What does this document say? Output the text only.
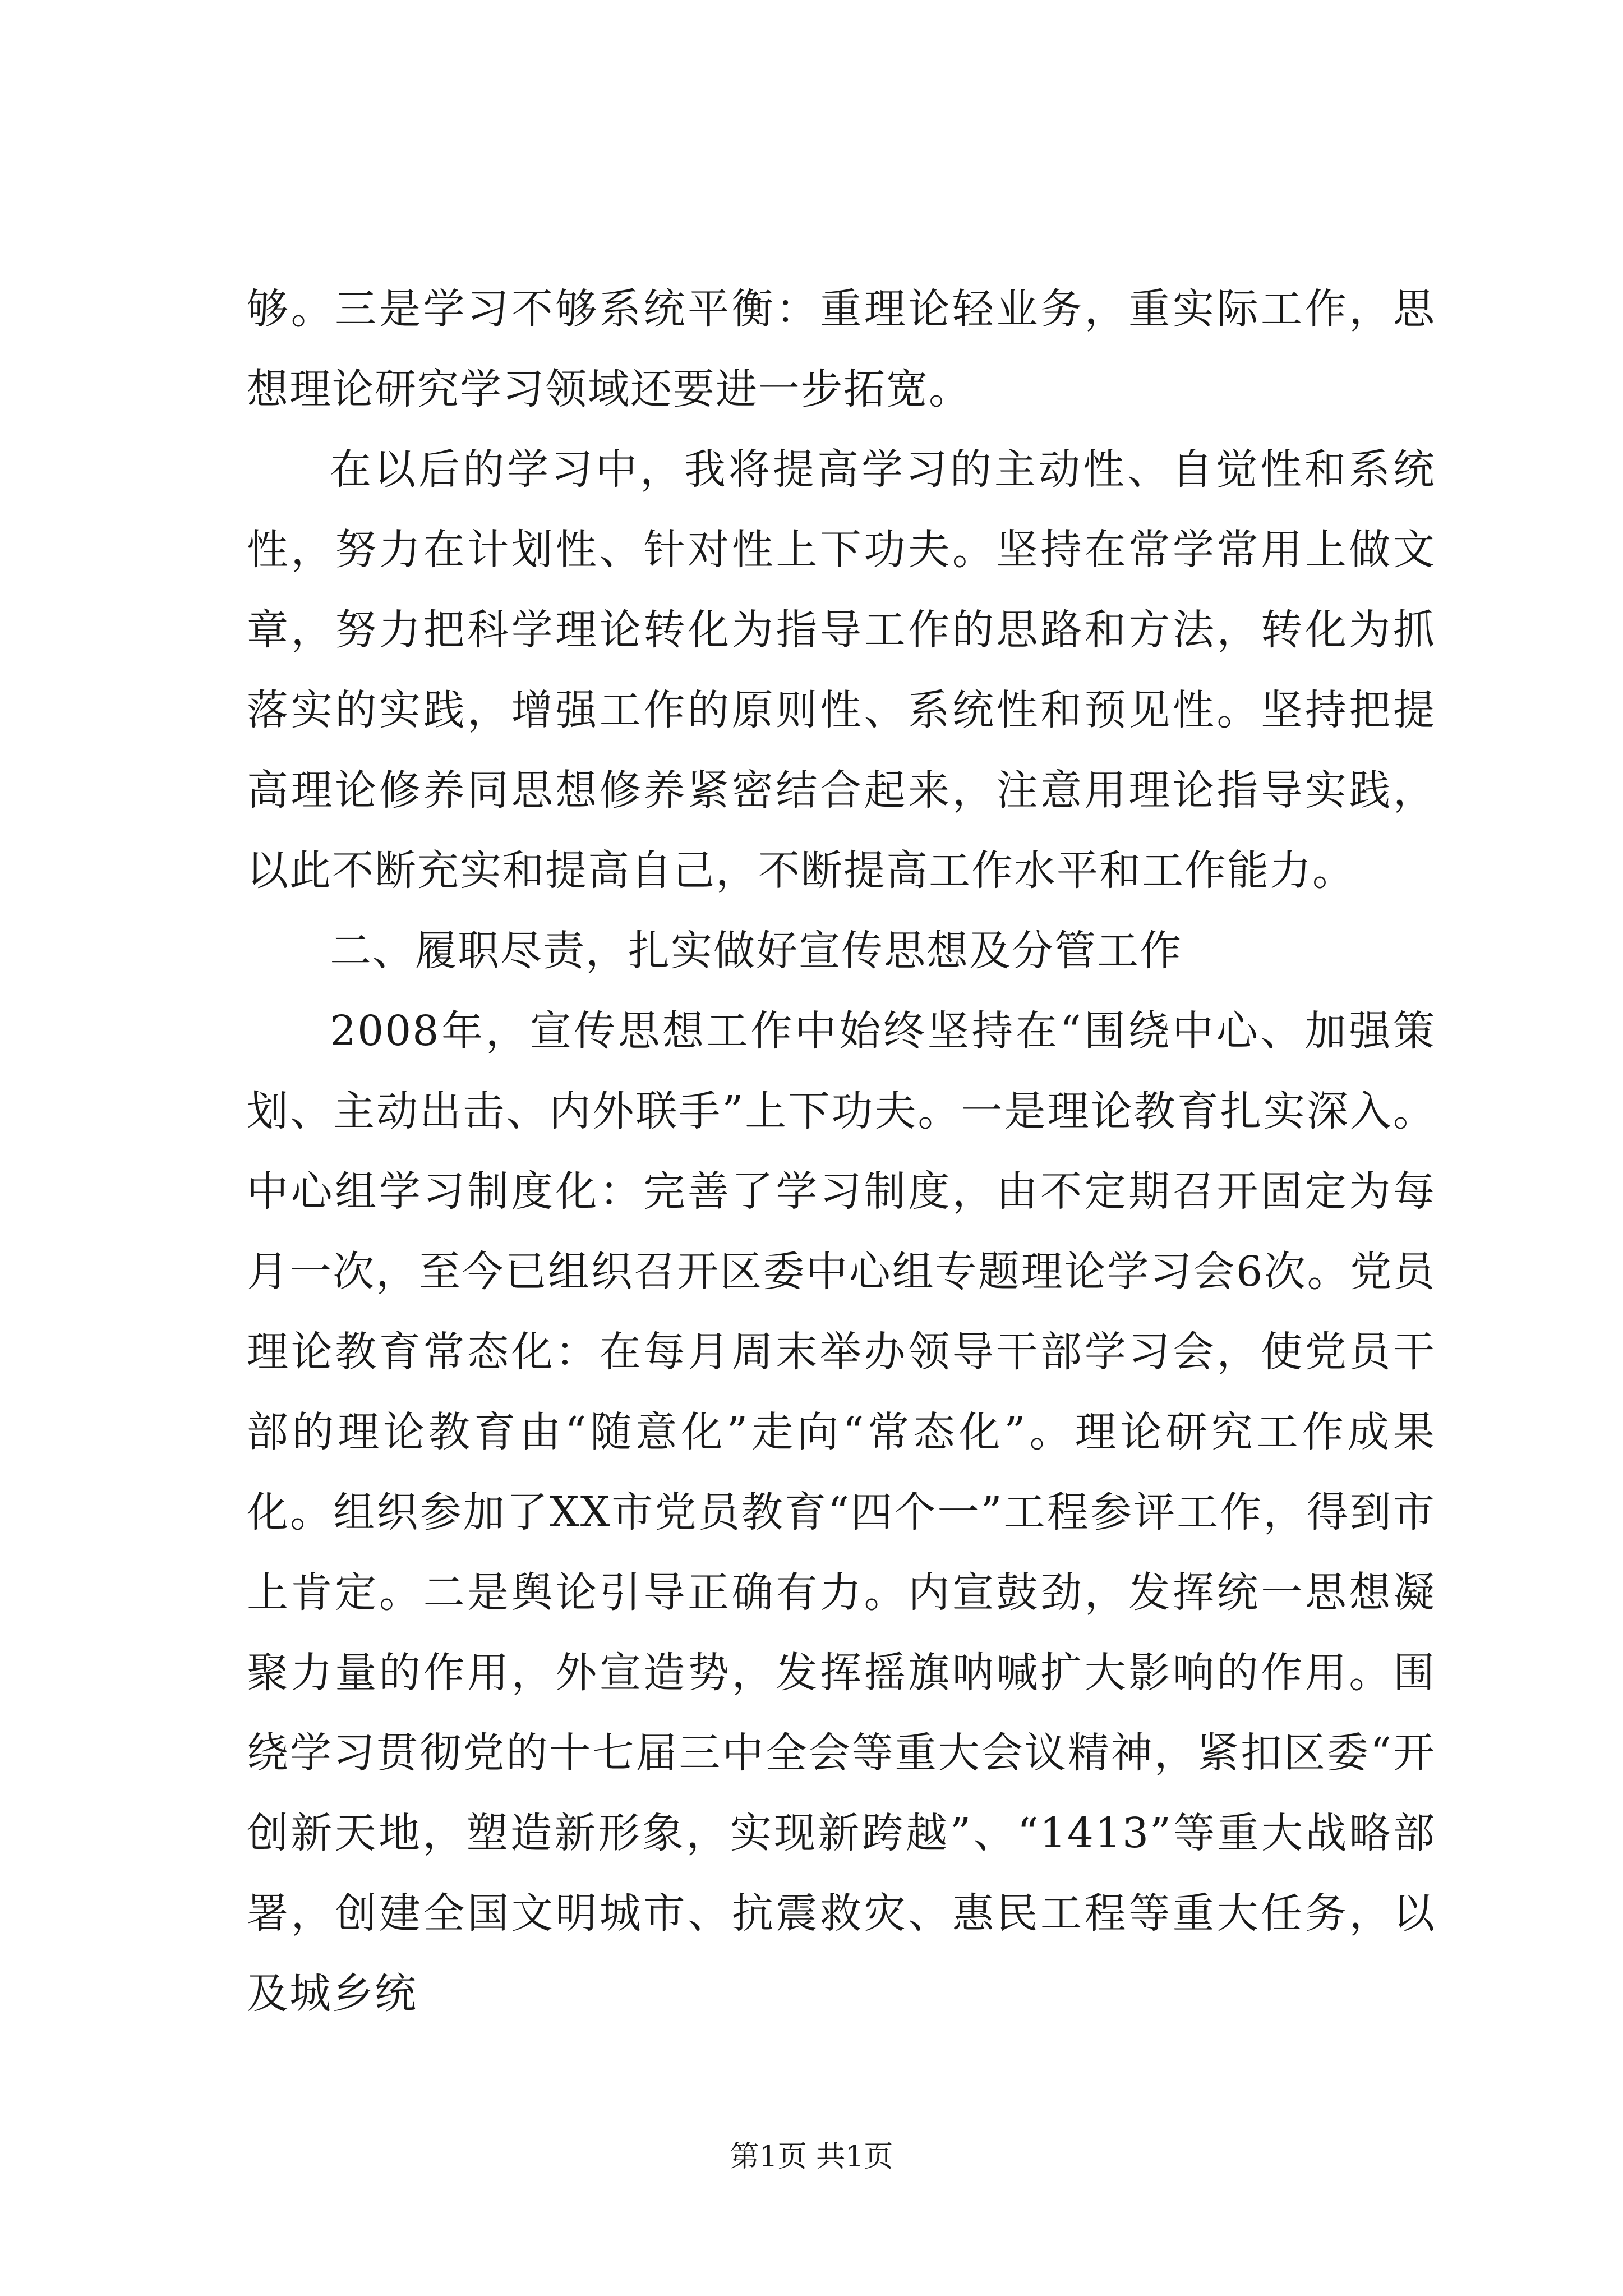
够。三是学习不够系统平衡：重理论轻业务，重实际工作，思想理论研究学习领域还要进一步拓宽。

在以后的学习中，我将提高学习的主动性、自觉性和系统性，努力在计划性、针对性上下功夫。坚持在常学常用上做文章，努力把科学理论转化为指导工作的思路和方法，转化为抓落实的实践，增强工作的原则性、系统性和预见性。坚持把提高理论修养同思想修养紧密结合起来，注意用理论指导实践，以此不断充实和提高自己，不断提高工作水平和工作能力。

二、履职尽责，扎实做好宣传思想及分管工作

2008年，宣传思想工作中始终坚持在“围绕中心、加强策划、主动出击、内外联手”上下功夫。一是理论教育扎实深入。中心组学习制度化：完善了学习制度，由不定期召开固定为每月一次，至今已组织召开区委中心组专题理论学习会6次。党员理论教育常态化：在每月周末举办领导干部学习会，使党员干部的理论教育由“随意化”走向“常态化”。理论研究工作成果化。组织参加了XX市党员教育“四个一”工程参评工作，得到市上肯定。二是舆论引导正确有力。内宣鼓劲，发挥统一思想凝聚力量的作用，外宣造势，发挥摇旗呐喊扩大影响的作用。围绕学习贯彻党的十七届三中全会等重大会议精神，紧扣区委“开创新天地，塑造新形象，实现新跨越”、“1413”等重大战略部署，创建全国文明城市、抗震救灾、惠民工程等重大任务，以及城乡统

第1页 共1页
